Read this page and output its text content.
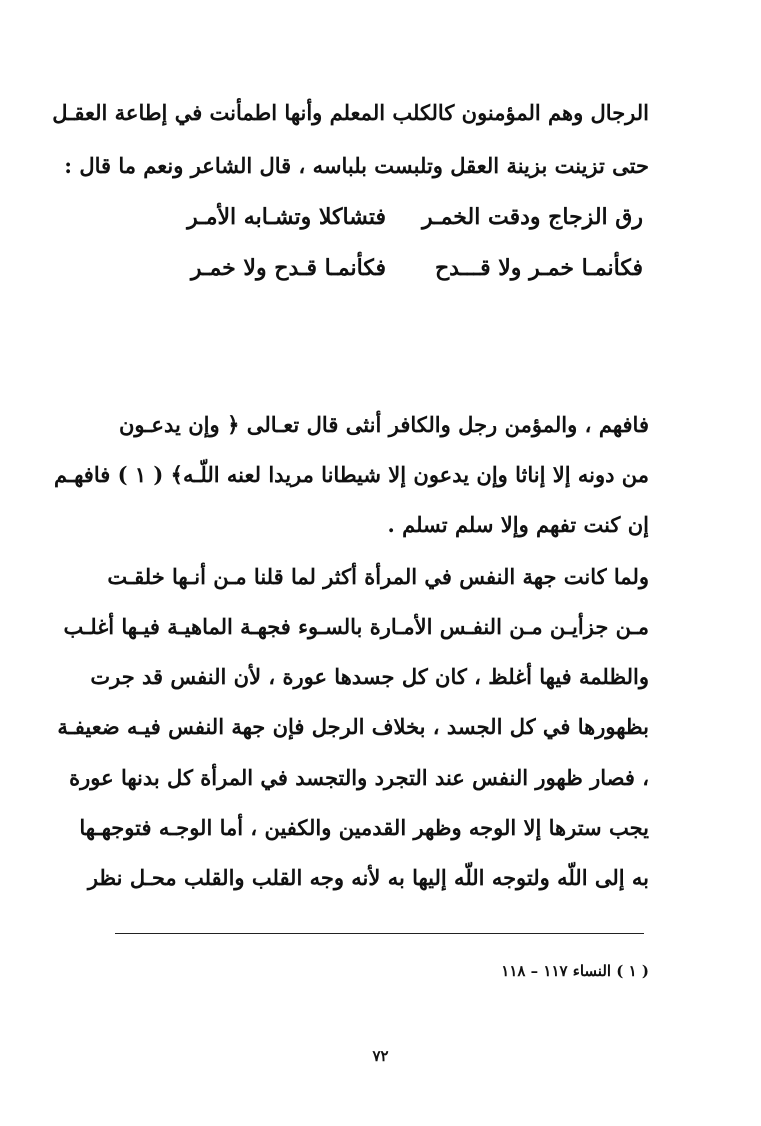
الرجال وهم المؤمنون كالكلب المعلم وأنها اطمأنت في إطاعة العقـل
حتى تزينت بزينة العقل وتلبست بلباسه ، قال الشاعر ونعم ما قال :
رق الزجاج ودقت الخمـر
فتشاكلا وتشـابه الأمـر
فكأنمـا خمـر ولا قـــدح
فكأنمـا قـدح ولا خمـر
فافهم ، والمؤمن رجل والكافر أنثى قال تعـالى ﴿ وإن يدعـون
من دونه إلا إناثا وإن يدعون إلا شيطانا مريدا لعنه اللّـه﴾ ( ١ ) فافهـم
إن كنت تفهم وإلا سلم تسلم .
ولما كانت جهة النفس في المرأة أكثر لما قلنا مـن أنـها خلقـت
مـن جزأيـن مـن النفـس الأمـارة بالسـوء فجهـة الماهيـة فيـها أغلـب
والظلمة فيها أغلظ ، كان كل جسدها عورة ، لأن النفس قد جرت
بظهورها في كل الجسد ، بخلاف الرجل فإن جهة النفس فيـه ضعيفـة
، فصار ظهور النفس عند التجرد والتجسد في المرأة كل بدنها عورة
يجب سترها إلا الوجه وظهر القدمين والكفين ، أما الوجـه فتوجهـها
به إلى اللّه ولتوجه اللّه إليها به لأنه وجه القلب والقلب محـل نظر
( ١ ) النساء ١١٧ – ١١٨
٧٢
